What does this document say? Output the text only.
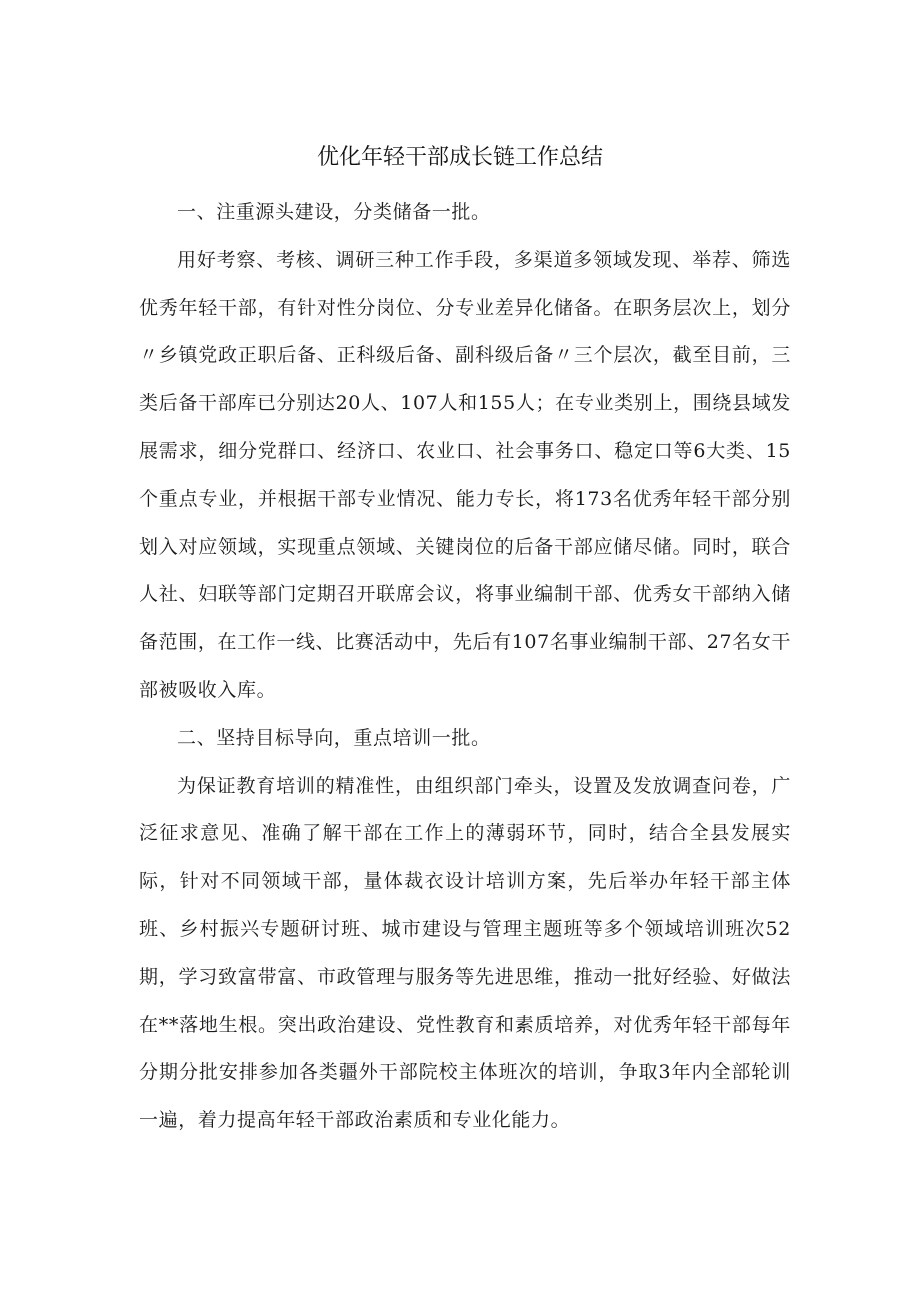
优化年轻干部成长链工作总结

一、注重源头建设，分类储备一批。

用好考察、考核、调研三种工作手段，多渠道多领域发现、举荐、筛选优秀年轻干部，有针对性分岗位、分专业差异化储备。在职务层次上，划分〃乡镇党政正职后备、正科级后备、副科级后备〃三个层次，截至目前，三类后备干部库已分别达20人、107人和155人；在专业类别上，围绕县域发展需求，细分党群口、经济口、农业口、社会事务口、稳定口等6大类、15个重点专业，并根据干部专业情况、能力专长，将173名优秀年轻干部分别划入对应领域，实现重点领域、关键岗位的后备干部应储尽储。同时，联合人社、妇联等部门定期召开联席会议，将事业编制干部、优秀女干部纳入储备范围，在工作一线、比赛活动中，先后有107名事业编制干部、27名女干部被吸收入库。

二、坚持目标导向，重点培训一批。

为保证教育培训的精准性，由组织部门牵头，设置及发放调查问卷，广泛征求意见、准确了解干部在工作上的薄弱环节，同时，结合全县发展实际，针对不同领域干部，量体裁衣设计培训方案，先后举办年轻干部主体班、乡村振兴专题研讨班、城市建设与管理主题班等多个领域培训班次52期，学习致富带富、市政管理与服务等先进思维，推动一批好经验、好做法在**落地生根。突出政治建设、党性教育和素质培养，对优秀年轻干部每年分期分批安排参加各类疆外干部院校主体班次的培训，争取3年内全部轮训一遍，着力提高年轻干部政治素质和专业化能力。
